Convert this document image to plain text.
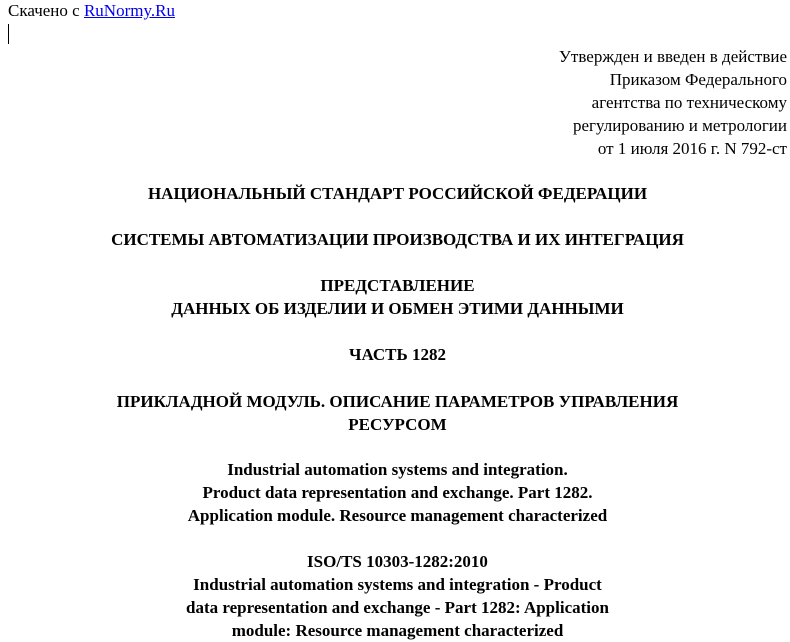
Скачено с RuNormy.Ru
Утвержден и введен в действие
Приказом Федерального
агентства по техническому
регулированию и метрологии
от 1 июля 2016 г. N 792-ст
НАЦИОНАЛЬНЫЙ СТАНДАРТ РОССИЙСКОЙ ФЕДЕРАЦИИ
СИСТЕМЫ АВТОМАТИЗАЦИИ ПРОИЗВОДСТВА И ИХ ИНТЕГРАЦИЯ
ПРЕДСТАВЛЕНИЕ
ДАННЫХ ОБ ИЗДЕЛИИ И ОБМЕН ЭТИМИ ДАННЫМИ
ЧАСТЬ 1282
ПРИКЛАДНОЙ МОДУЛЬ. ОПИСАНИЕ ПАРАМЕТРОВ УПРАВЛЕНИЯ
РЕСУРСОМ
Industrial automation systems and integration.
Product data representation and exchange. Part 1282.
Application module. Resource management characterized
ISO/TS 10303-1282:2010
Industrial automation systems and integration - Product
data representation and exchange - Part 1282: Application
module: Resource management characterized
